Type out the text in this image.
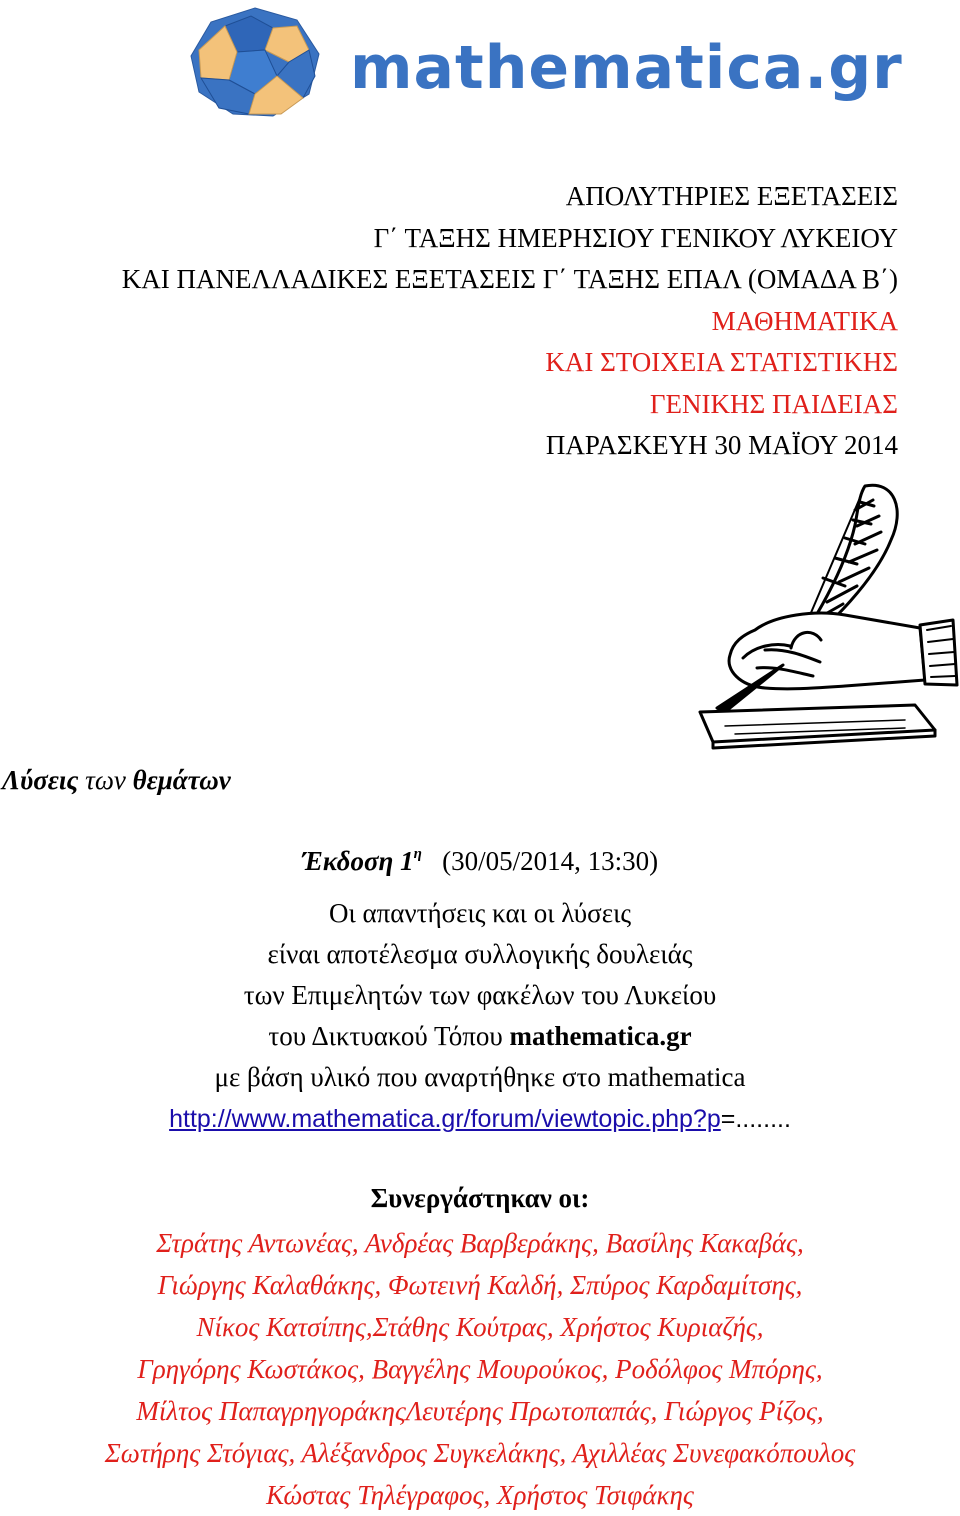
mathematica.gr
ΑΠΟΛΥΤΗΡΙΕΣ ΕΞΕΤΑΣΕΙΣ
Γ΄ ΤΑΞΗΣ ΗΜΕΡΗΣΙΟΥ ΓΕΝΙΚΟΥ ΛΥΚΕΙΟΥ
ΚΑΙ ΠΑΝΕΛΛΑΔΙΚΕΣ ΕΞΕΤΑΣΕΙΣ Γ΄ ΤΑΞΗΣ ΕΠΑΛ (ΟΜΑΔΑ Β΄)
ΜΑΘΗΜΑΤΙΚΑ
ΚΑΙ ΣΤΟΙΧΕΙΑ ΣΤΑΤΙΣΤΙΚΗΣ
ΓΕΝΙΚΗΣ ΠΑΙΔΕΙΑΣ
ΠΑΡΑΣΚΕΥΗ 30 ΜΑΪΟΥ 2014
Λύσεις των θεμάτων
Έκδοση $1^\eta$ (30/05/2014, 13:30)
Οι απαντήσεις και οι λύσεις
είναι αποτέλεσμα συλλογικής δουλειάς
των Επιμελητών των φακέλων του Λυκείου
του Δικτυακού Τόπου mathematica.gr
με βάση υλικό που αναρτήθηκε στο mathematica
http://www.mathematica.gr/forum/viewtopic.php?p=........
Συνεργάστηκαν οι:
Στράτης Αντωνέας, Ανδρέας Βαρβεράκης, Βασίλης Κακαβάς,
Γιώργης Καλαθάκης, Φωτεινή Καλδή, Σπύρος Καρδαμίτσης,
Νίκος Κατσίπης,Στάθης Κούτρας, Χρήστος Κυριαζής,
Γρηγόρης Κωστάκος, Βαγγέλης Μουρούκος, Ροδόλφος Μπόρης,
Μίλτος ΠαπαγρηγοράκηςΛευτέρης Πρωτοπαπάς, Γιώργος Ρίζος,
Σωτήρης Στόγιας, Αλέξανδρος Συγκελάκης, Αχιλλέας Συνεφακόπουλος
Κώστας Τηλέγραφος, Χρήστος Τσιφάκης
